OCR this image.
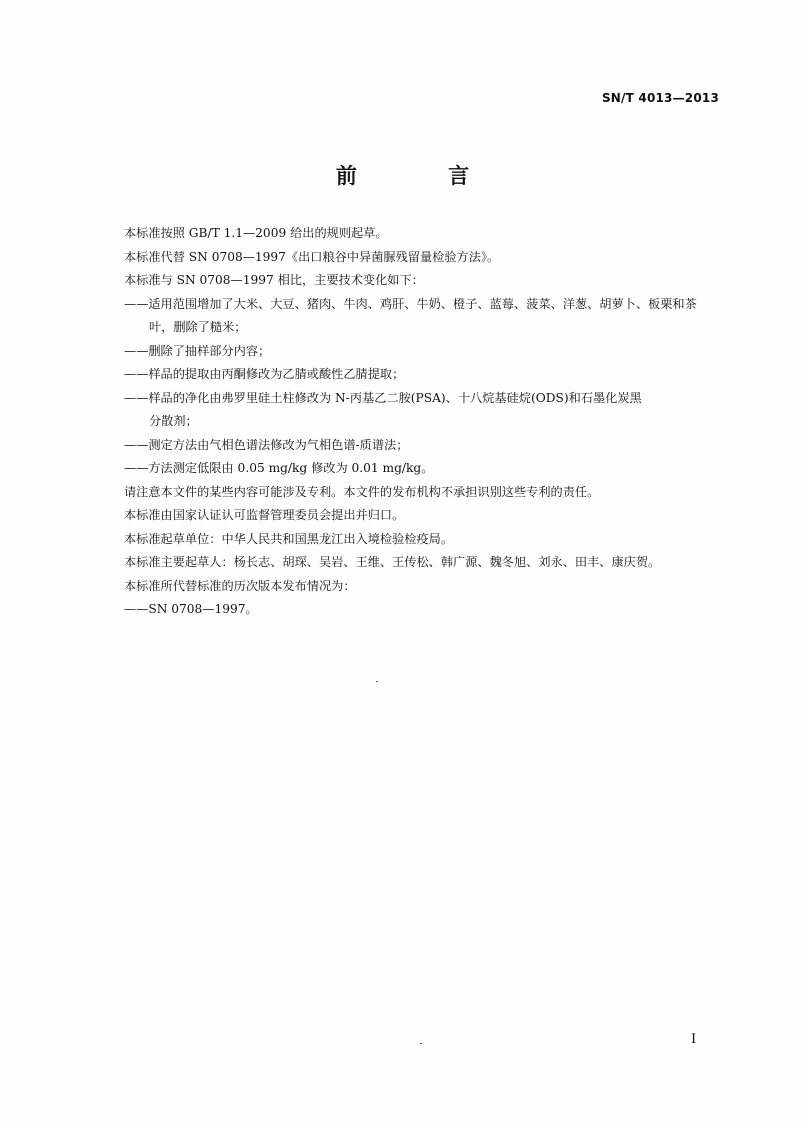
SN/T 4013—2013
前 言

本标准按照 GB/T 1.1—2009 给出的规则起草。

本标准代替 SN 0708—1997《出口粮谷中异菌脲残留量检验方法》。

本标准与 SN 0708—1997 相比，主要技术变化如下：

——适用范围增加了大米、大豆、猪肉、牛肉、鸡肝、牛奶、橙子、蓝莓、菠菜、洋葱、胡萝卜、板栗和茶

叶，删除了糙米；

——删除了抽样部分内容；

——样品的提取由丙酮修改为乙腈或酸性乙腈提取；

——样品的净化由弗罗里硅土柱修改为 N-丙基乙二胺(PSA)、十八烷基硅烷(ODS)和石墨化炭黑

分散剂；

——测定方法由气相色谱法修改为气相色谱-质谱法；

——方法测定低限由 0.05 mg/kg 修改为 0.01 mg/kg。

请注意本文件的某些内容可能涉及专利。本文件的发布机构不承担识别这些专利的责任。

本标准由国家认证认可监督管理委员会提出并归口。

本标准起草单位：中华人民共和国黑龙江出入境检验检疫局。

本标准主要起草人：杨长志、胡琛、吴岩、王维、王传松、韩广源、魏冬旭、刘永、田丰、康庆贺。

本标准所代替标准的历次版本发布情况为：

——SN 0708—1997。

I
